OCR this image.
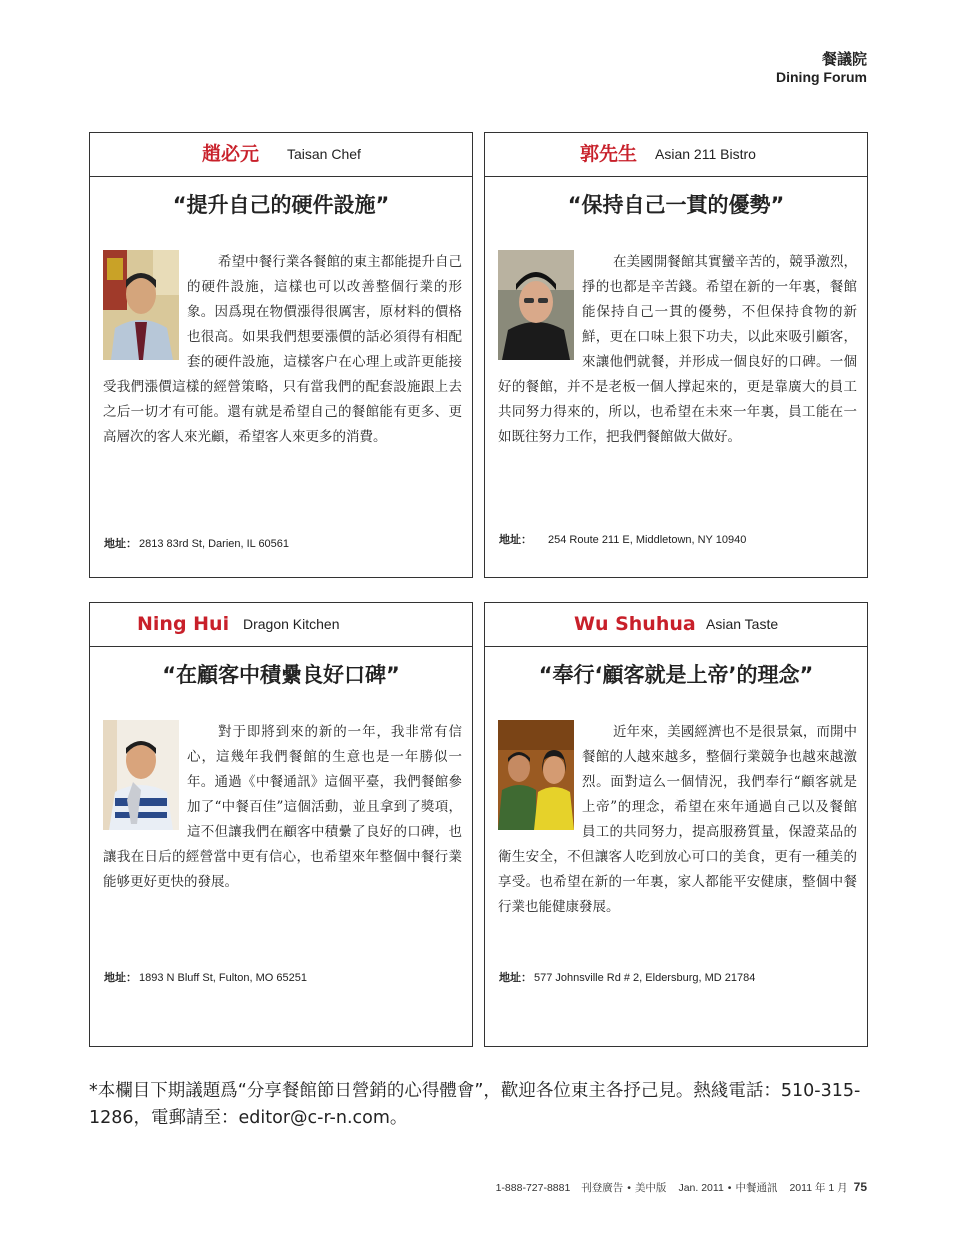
餐議院
Dining Forum
趙必元 Taisan Chef
“提升自己的硬件設施”

希望中餐行業各餐館的東主都能提升自己的硬件設施，這樣也可以改善整個行業的形象。因爲現在物價漲得很厲害，原材料的價格也很高。如果我們想要漲價的話必須得有相配套的硬件設施，這樣客户在心理上或許更能接受我們漲價這樣的經營策略，只有當我們的配套設施跟上去之后一切才有可能。還有就是希望自己的餐館能有更多、更高層次的客人來光顧，希望客人來更多的消費。

地址： 2813 83rd St, Darien, IL 60561
郭先生 Asian 211 Bistro
“保持自己一貫的優勢”

在美國開餐館其實蠻辛苦的，競爭激烈，掙的也都是辛苦錢。希望在新的一年裏，餐館能保持自己一貫的優勢，不但保持食物的新鮮，更在口味上狠下功夫，以此來吸引顧客，來讓他們就餐，并形成一個良好的口碑。一個好的餐館，并不是老板一個人撑起來的，更是靠廣大的員工共同努力得來的，所以，也希望在未來一年裏，員工能在一如既往努力工作，把我們餐館做大做好。

地址： 254 Route 211 E, Middletown, NY 10940
Ning Hui Dragon Kitchen
“在顧客中積纍良好口碑”

對于即將到來的新的一年，我非常有信心，這幾年我們餐館的生意也是一年勝似一年。通過《中餐通訊》這個平臺，我們餐館參加了“中餐百佳”這個活動，並且拿到了獎項，這不但讓我們在顧客中積纍了良好的口碑，也讓我在日后的經營當中更有信心，也希望來年整個中餐行業能够更好更快的發展。

地址： 1893 N Bluff St, Fulton, MO 65251
Wu Shuhua Asian Taste
“奉行‘顧客就是上帝’的理念”

近年來，美國經濟也不是很景氣，而開中餐館的人越來越多，整個行業競争也越來越激烈。面對這么一個情況，我們奉行“顧客就是上帝”的理念，希望在來年通過自己以及餐館員工的共同努力，提高服務質量，保證菜品的衛生安全，不但讓客人吃到放心可口的美食，更有一種美的享受。也希望在新的一年裏，家人都能平安健康，整個中餐行業也能健康發展。

地址： 577 Johnsville Rd # 2, Eldersburg, MD 21784
*本欄目下期議題爲“分享餐館節日營銷的心得體會”，歡迎各位東主各抒己見。熱綫電話：510-315-1286，電郵請至：editor@c-r-n.com。
1-888-727-8881 刊登廣告 • 美中版 Jan. 2011 • 中餐通訊 2011 年 1 月 75
